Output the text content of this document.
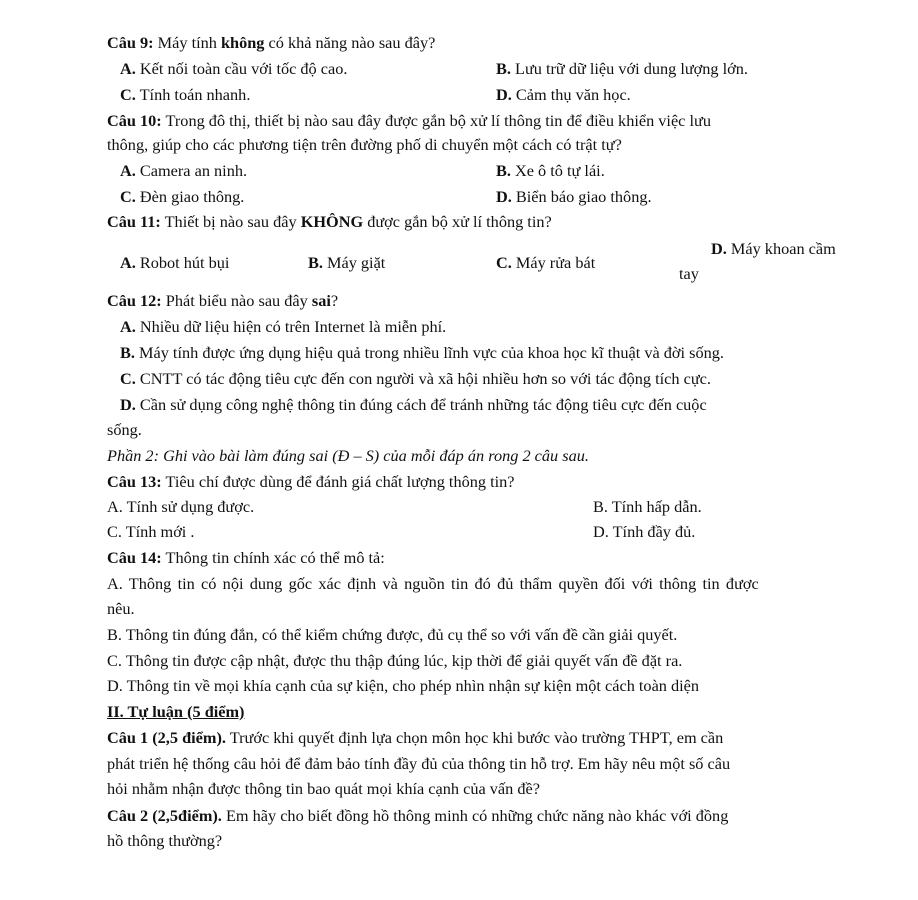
Câu 9: Máy tính không có khả năng nào sau đây?
A. Kết nối toàn cầu với tốc độ cao.	B. Lưu trữ dữ liệu với dung lượng lớn.
C. Tính toán nhanh.	D. Cảm thụ văn học.
Câu 10: Trong đô thị, thiết bị nào sau đây được gắn bộ xử lí thông tin để điều khiển việc lưu
thông, giúp cho các phương tiện trên đường phố di chuyển một cách có trật tự?
A. Camera an ninh.	B. Xe ô tô tự lái.
C. Đèn giao thông.	D. Biển báo giao thông.
Câu 11: Thiết bị nào sau đây KHÔNG được gắn bộ xử lí thông tin?
A. Robot hút bụi	B. Máy giặt	C. Máy rửa bát
D. Máy khoan cầm
tay
Câu 12: Phát biểu nào sau đây sai?
A. Nhiều dữ liệu hiện có trên Internet là miễn phí.
B. Máy tính được ứng dụng hiệu quả trong nhiều lĩnh vực của khoa học kĩ thuật và đời sống.
C. CNTT có tác động tiêu cực đến con người và xã hội nhiều hơn so với tác động tích cực.
D. Cần sử dụng công nghệ thông tin đúng cách để tránh những tác động tiêu cực đến cuộc
sống.
Phần 2: Ghi vào bài làm đúng sai (Đ – S) của mỗi đáp án rong 2 câu sau.
Câu 13: Tiêu chí được dùng để đánh giá chất lượng thông tin?
A. Tính sử dụng được.	B. Tính hấp dẫn.
C. Tính mới .	D. Tính đầy đủ.
Câu 14: Thông tin chính xác có thể mô tả:
A. Thông tin có nội dung gốc xác định và nguồn tin đó đủ thẩm quyền đối với thông tin được
nêu.
B. Thông tin đúng đắn, có thể kiểm chứng được, đủ cụ thể so với vấn đề cần giải quyết.
C. Thông tin được cập nhật, được thu thập đúng lúc, kịp thời để giải quyết vấn đề đặt ra.
D. Thông tin về mọi khía cạnh của sự kiện, cho phép nhìn nhận sự kiện một cách toàn diện
II. Tự luận (5 điểm)
Câu 1 (2,5 điểm). Trước khi quyết định lựa chọn môn học khi bước vào trường THPT, em cần
phát triển hệ thống câu hỏi để đảm bảo tính đầy đủ của thông tin hỗ trợ. Em hãy nêu một số câu
hỏi nhằm nhận được thông tin bao quát mọi khía cạnh của vấn đề?
Câu 2 (2,5điểm). Em hãy cho biết đồng hồ thông minh có những chức năng nào khác với đồng
hồ thông thường?
